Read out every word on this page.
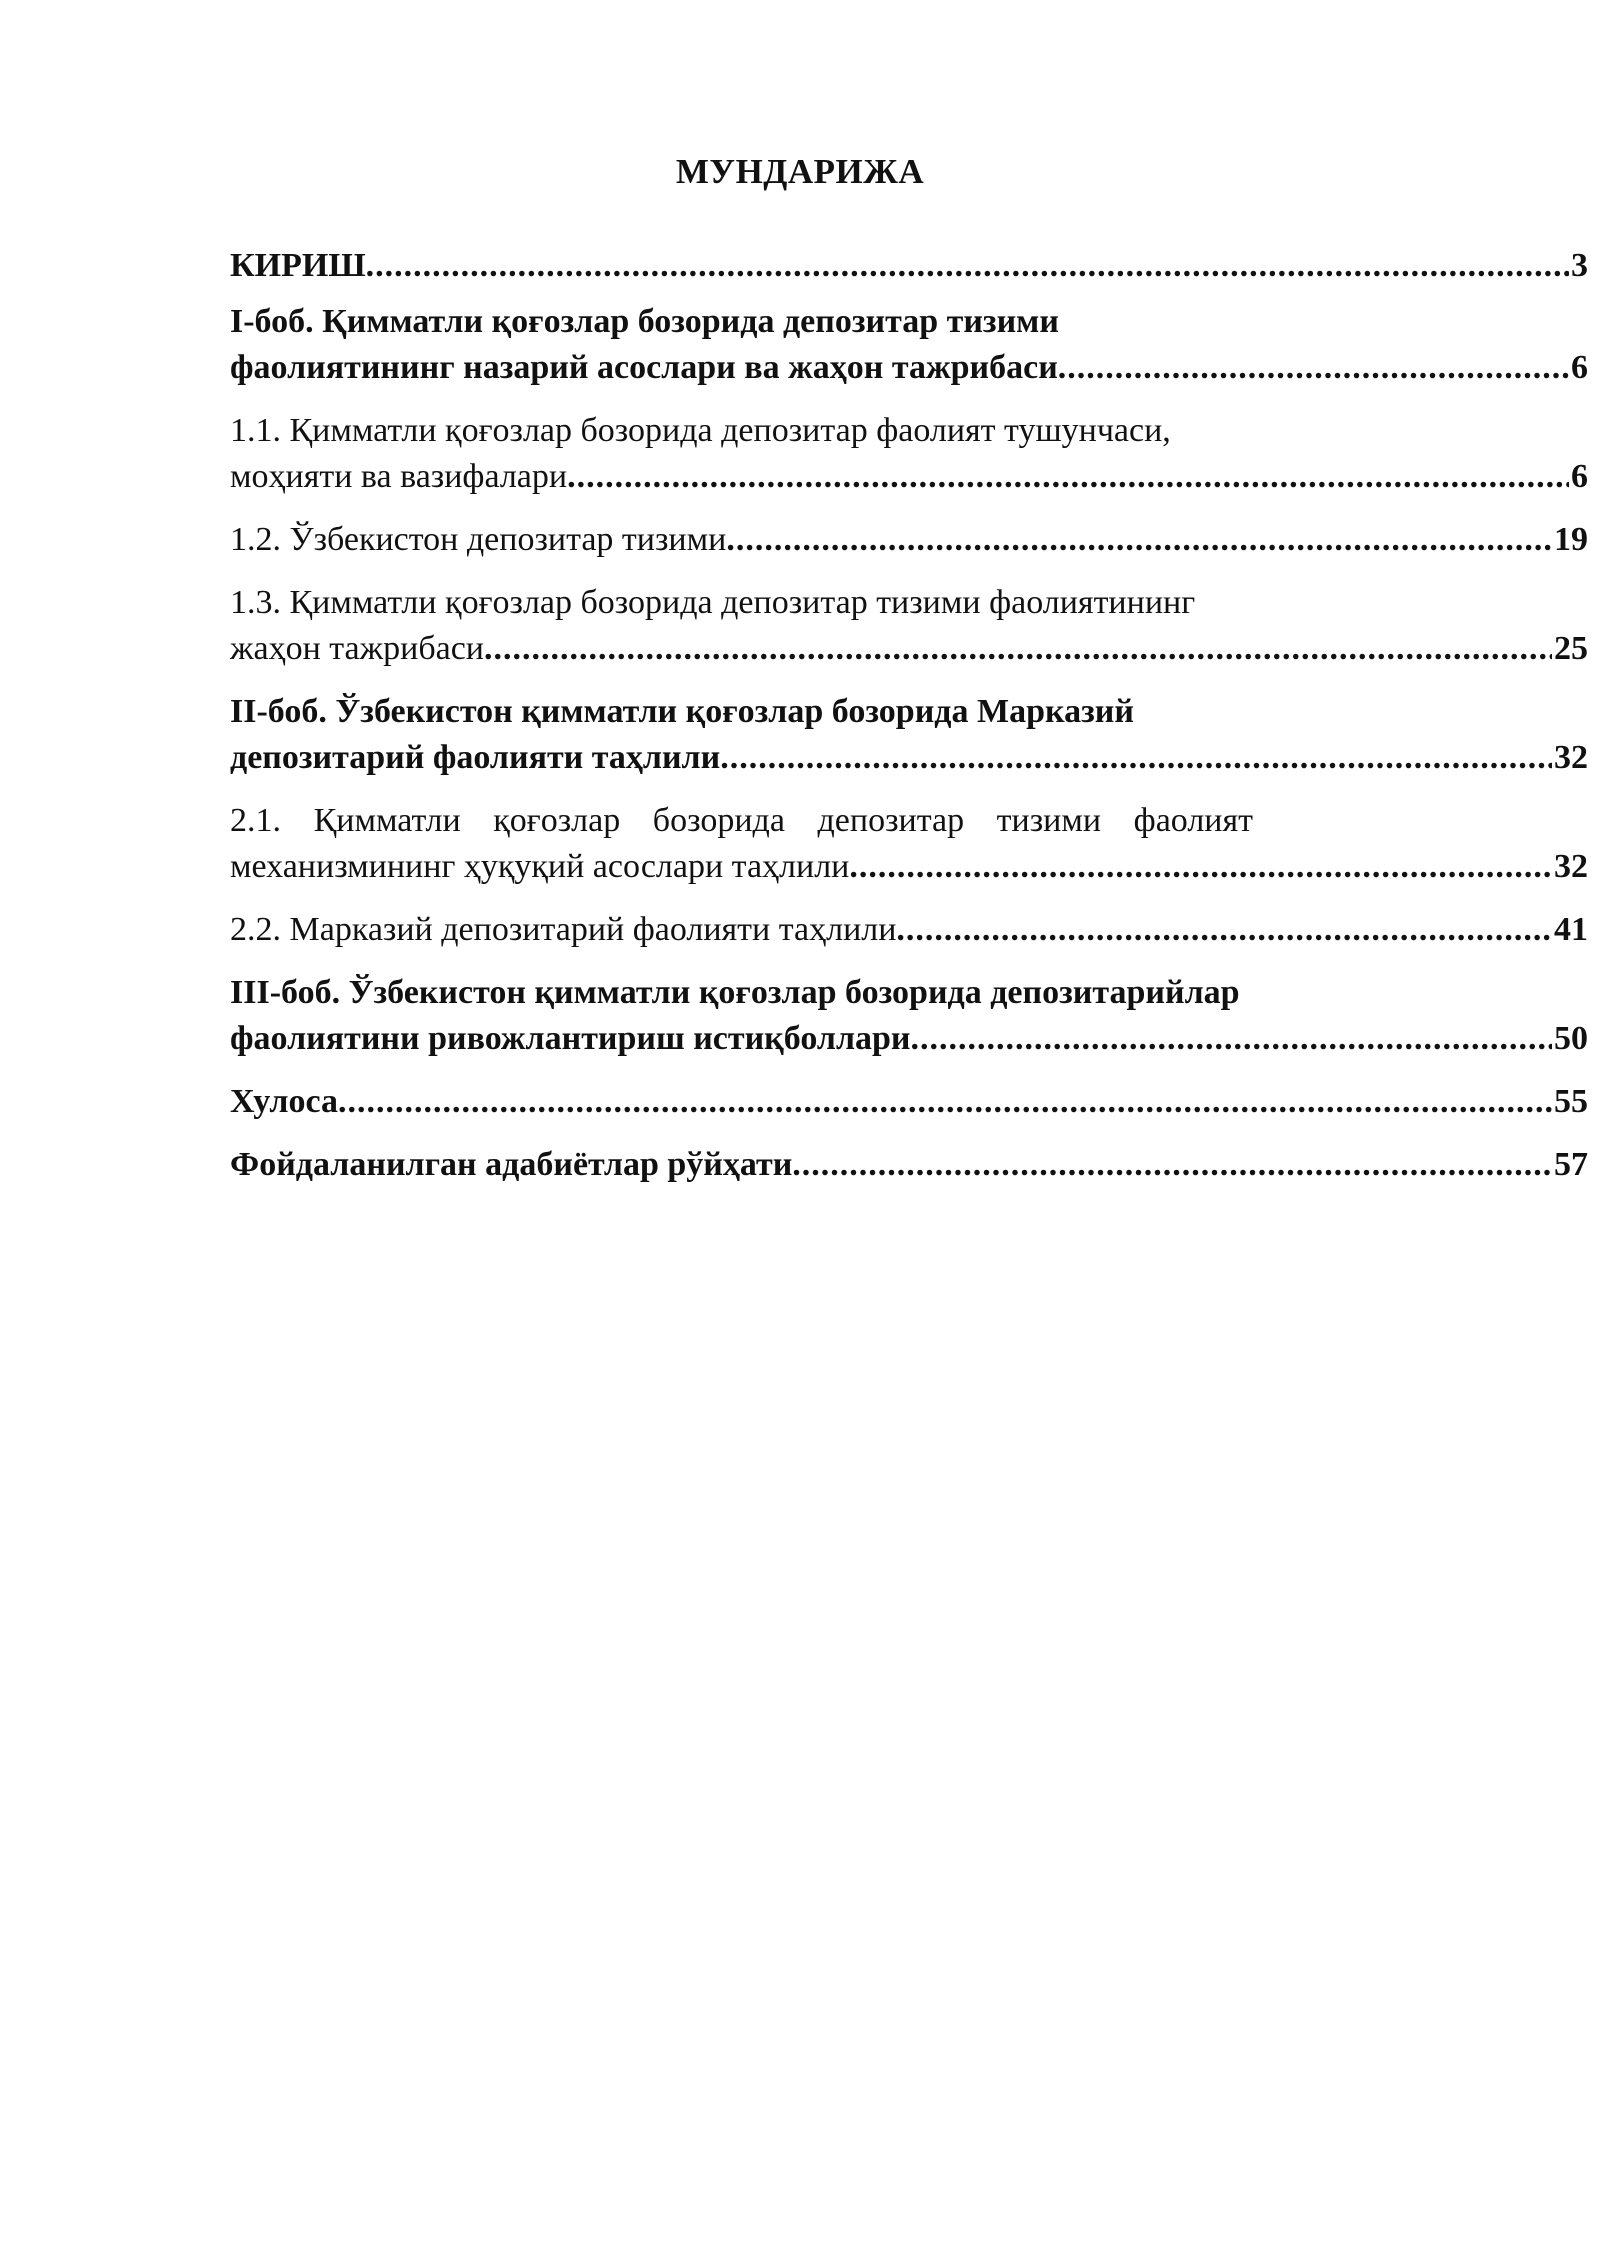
МУНДАРИЖА
КИРИШ .....	3
I-боб. Қимматли қоғозлар бозорида депозитар тизими
фаолиятининг назарий асослари ва жаҳон тажрибаси .....	6
1.1. Қимматли қоғозлар бозорида депозитар фаолият тушунчаси,
моҳияти ва вазифалари .....	6
1.2. Ўзбекистон депозитар тизими .....	19
1.3. Қимматли қоғозлар бозорида депозитар тизими фаолиятининг
жаҳон тажрибаси .....	25
II-боб. Ўзбекистон қимматли қоғозлар бозорида Марказий
депозитарий фаолияти таҳлили .....	32
2.1. Қимматли қоғозлар бозорида депозитар тизими фаолият
механизмининг ҳуқуқий асослари таҳлили .....	32
2.2. Марказий депозитарий фаолияти таҳлили .....	41
III-боб. Ўзбекистон қимматли қоғозлар бозорида депозитарийлар
фаолиятини ривожлантириш истиқболлари .....	50
Хулоса .....	55
Фойдаланилган адабиётлар рўйҳати .....	57
